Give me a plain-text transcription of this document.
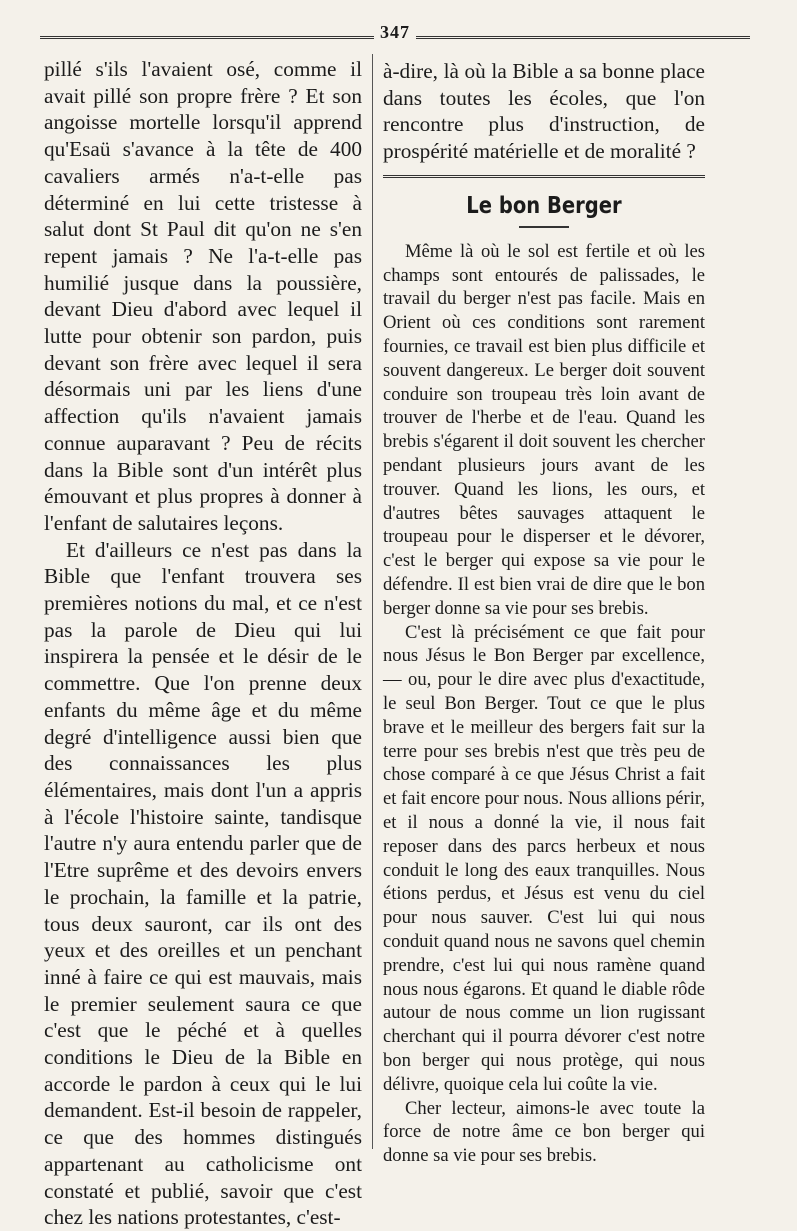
347

pillé s'ils l'avaient osé, comme il avait pillé son propre frère ? Et son angoisse mortelle lorsqu'il apprend qu'Esaü s'avance à la tête de 400 cavaliers armés n'a-t-elle pas déterminé en lui cette tristesse à salut dont St Paul dit qu'on ne s'en repent jamais ? Ne l'a-t-elle pas humilié jusque dans la poussière, devant Dieu d'abord avec lequel il lutte pour obtenir son pardon, puis devant son frère avec lequel il sera désormais uni par les liens d'une affection qu'ils n'avaient jamais connue auparavant ? Peu de récits dans la Bible sont d'un intérêt plus émouvant et plus propres à donner à l'enfant de salutaires leçons.

Et d'ailleurs ce n'est pas dans la Bible que l'enfant trouvera ses premières notions du mal, et ce n'est pas la parole de Dieu qui lui inspirera la pensée et le désir de le commettre. Que l'on prenne deux enfants du même âge et du même degré d'intelligence aussi bien que des connaissances les plus élémentaires, mais dont l'un a appris à l'école l'histoire sainte, tandisque l'autre n'y aura entendu parler que de l'Etre suprême et des devoirs envers le prochain, la famille et la patrie, tous deux sauront, car ils ont des yeux et des oreilles et un penchant inné à faire ce qui est mauvais, mais le premier seulement saura ce que c'est que le péché et à quelles conditions le Dieu de la Bible en accorde le pardon à ceux qui le lui demandent. Est-il besoin de rappeler, ce que des hommes distingués appartenant au catholicisme ont constaté et publié, savoir que c'est chez les nations protestantes, c'est-

à-dire, là où la Bible a sa bonne place dans toutes les écoles, que l'on rencontre plus d'instruction, de prospérité matérielle et de moralité ?

Le bon Berger

Même là où le sol est fertile et où les champs sont entourés de palissades, le travail du berger n'est pas facile. Mais en Orient où ces conditions sont rarement fournies, ce travail est bien plus difficile et souvent dangereux. Le berger doit souvent conduire son troupeau très loin avant de trouver de l'herbe et de l'eau. Quand les brebis s'égarent il doit souvent les chercher pendant plusieurs jours avant de les trouver. Quand les lions, les ours, et d'autres bêtes sauvages attaquent le troupeau pour le disperser et le dévorer, c'est le berger qui expose sa vie pour le défendre. Il est bien vrai de dire que le bon berger donne sa vie pour ses brebis.

C'est là précisément ce que fait pour nous Jésus le Bon Berger par excellence, — ou, pour le dire avec plus d'exactitude, le seul Bon Berger. Tout ce que le plus brave et le meilleur des bergers fait sur la terre pour ses brebis n'est que très peu de chose comparé à ce que Jésus Christ a fait et fait encore pour nous. Nous allions périr, et il nous a donné la vie, il nous fait reposer dans des parcs herbeux et nous conduit le long des eaux tranquilles. Nous étions perdus, et Jésus est venu du ciel pour nous sauver. C'est lui qui nous conduit quand nous ne savons quel chemin prendre, c'est lui qui nous ramène quand nous nous égarons. Et quand le diable rôde autour de nous comme un lion rugissant cherchant qui il pourra dévorer c'est notre bon berger qui nous protège, qui nous délivre, quoique cela lui coûte la vie.

Cher lecteur, aimons-le avec toute la force de notre âme ce bon berger qui donne sa vie pour ses brebis.
